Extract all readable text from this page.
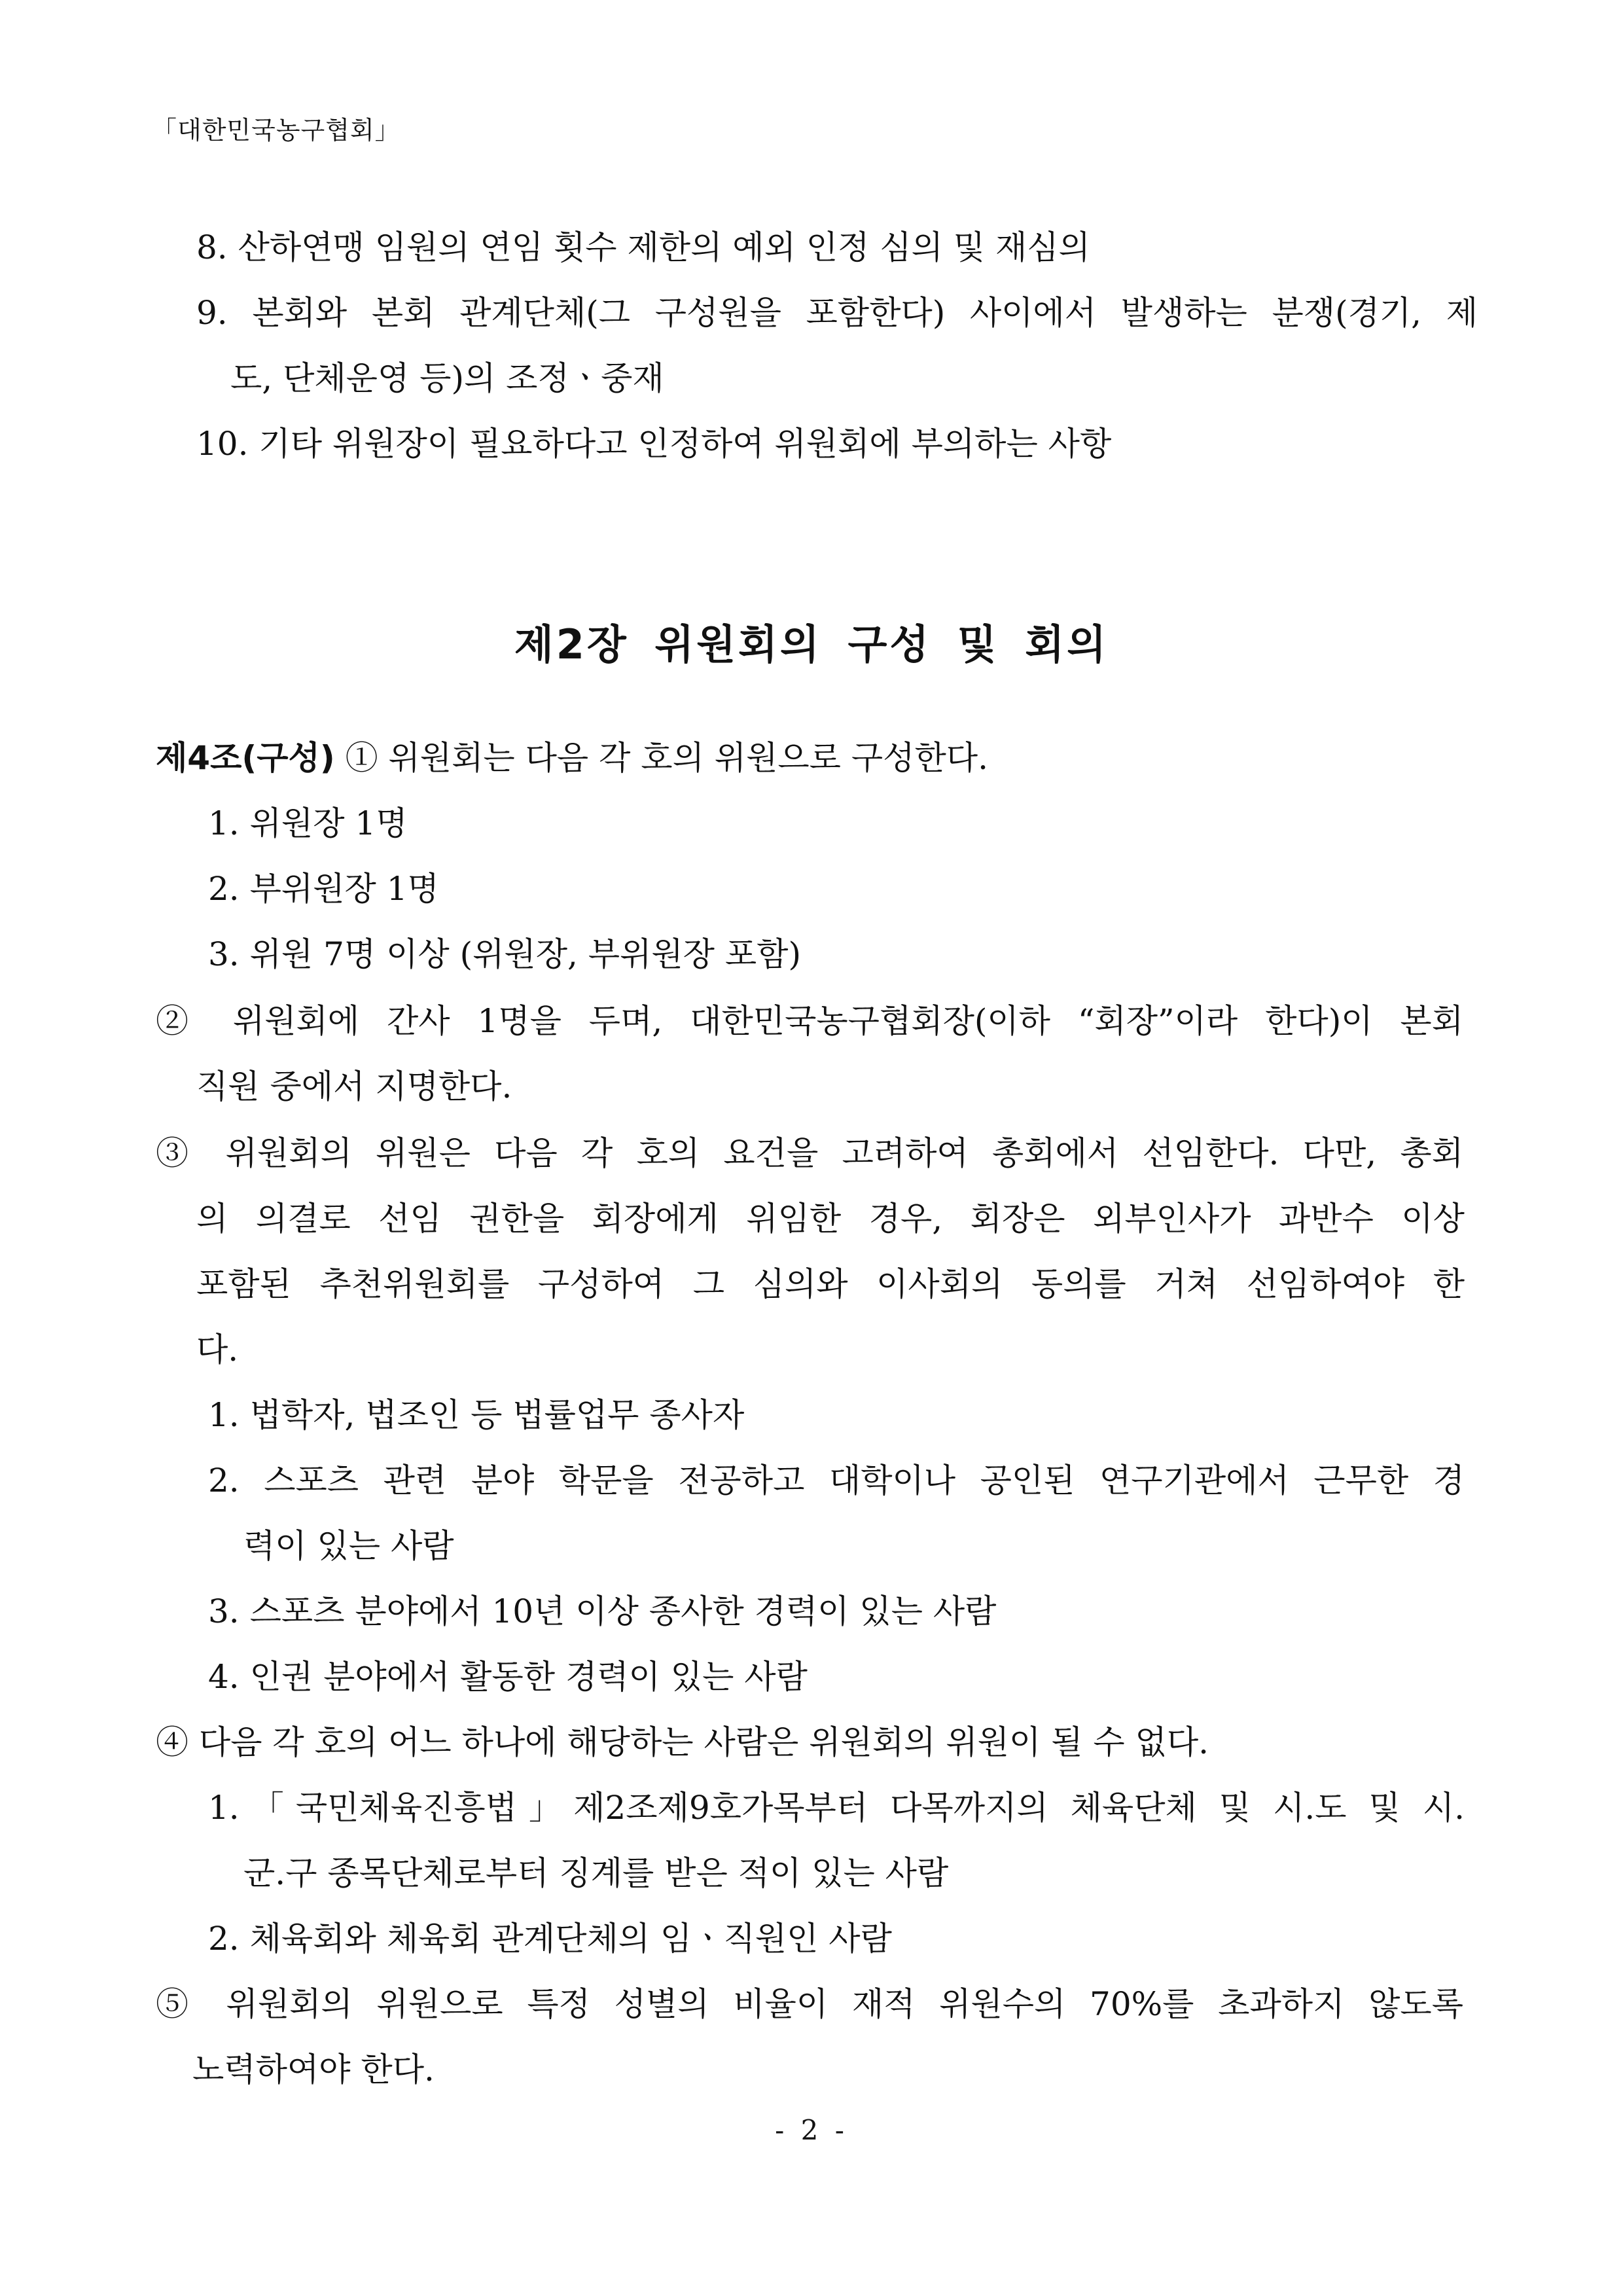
「대한민국농구협회」
8. 산하연맹 임원의 연임 횟수 제한의 예외 인정 심의 및 재심의
9. 본회와 본회 관계단체(그 구성원을 포함한다) 사이에서 발생하는 분쟁(경기, 제
도, 단체운영 등)의 조정ㆍ중재
10. 기타 위원장이 필요하다고 인정하여 위원회에 부의하는 사항
제2장 위원회의 구성 및 회의
제4조(구성) ① 위원회는 다음 각 호의 위원으로 구성한다.
1. 위원장 1명
2. 부위원장 1명
3. 위원 7명 이상 (위원장, 부위원장 포함)
② 위원회에 간사 1명을 두며, 대한민국농구협회장(이하 “회장”이라 한다)이 본회
직원 중에서 지명한다.
③ 위원회의 위원은 다음 각 호의 요건을 고려하여 총회에서 선임한다. 다만, 총회
의 의결로 선임 권한을 회장에게 위임한 경우, 회장은 외부인사가 과반수 이상
포함된 추천위원회를 구성하여 그 심의와 이사회의 동의를 거쳐 선임하여야 한
다.
1. 법학자, 법조인 등 법률업무 종사자
2. 스포츠 관련 분야 학문을 전공하고 대학이나 공인된 연구기관에서 근무한 경
력이 있는 사람
3. 스포츠 분야에서 10년 이상 종사한 경력이 있는 사람
4. 인권 분야에서 활동한 경력이 있는 사람
④ 다음 각 호의 어느 하나에 해당하는 사람은 위원회의 위원이 될 수 없다.
1.「국민체육진흥법」제2조제9호가목부터 다목까지의 체육단체 및 시.도 및 시.
군.구 종목단체로부터 징계를 받은 적이 있는 사람
2. 체육회와 체육회 관계단체의 임ㆍ직원인 사람
⑤ 위원회의 위원으로 특정 성별의 비율이 재적 위원수의 70%를 초과하지 않도록
노력하여야 한다.
- 2 -
